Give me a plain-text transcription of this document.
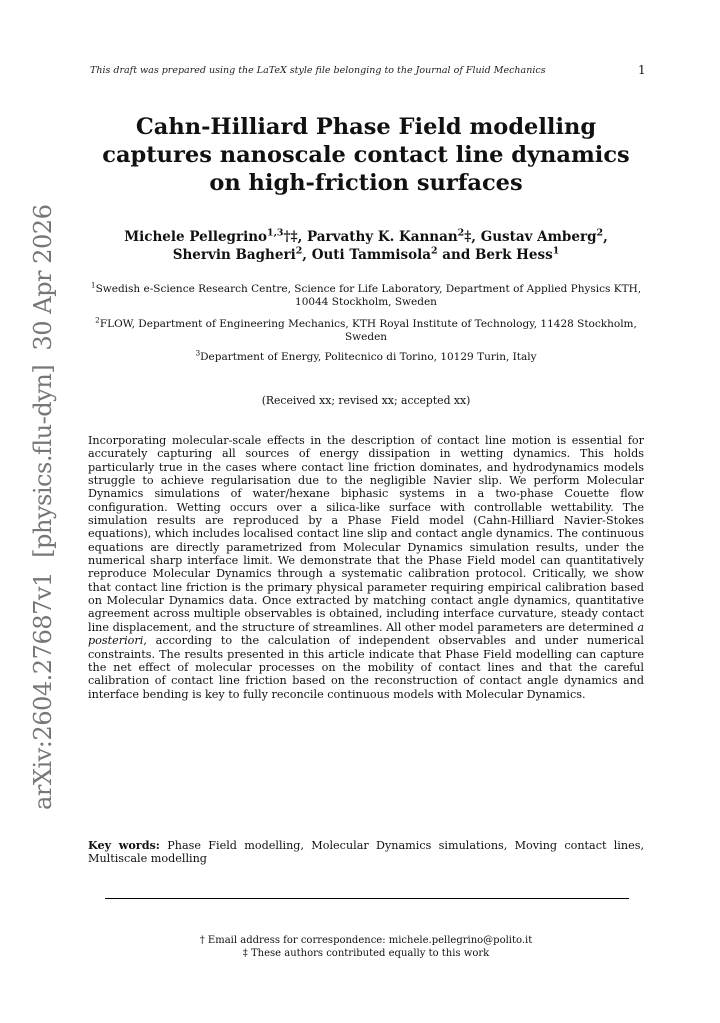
This draft was prepared using the LaTeX style file belonging to the Journal of Fluid Mechanics	1
arXiv:2604.27687v1  [physics.flu-dyn]  30 Apr 2026
Cahn-Hilliard Phase Field modelling captures nanoscale contact line dynamics on high-friction surfaces
Michele Pellegrino$^{1,3}$†‡, Parvathy K. Kannan$^2$‡, Gustav Amberg$^2$,
Shervin Bagheri$^2$, Outi Tammisola$^2$ and Berk Hess$^1$
$^1$Swedish e-Science Research Centre, Science for Life Laboratory, Department of Applied Physics KTH, 10044 Stockholm, Sweden
$^2$FLOW, Department of Engineering Mechanics, KTH Royal Institute of Technology, 11428 Stockholm, Sweden
$^3$Department of Energy, Politecnico di Torino, 10129 Turin, Italy
(Received xx; revised xx; accepted xx)
Incorporating molecular-scale effects in the description of contact line motion is essential for accurately capturing all sources of energy dissipation in wetting dynamics. This holds particularly true in the cases where contact line friction dominates, and hydrodynamics models struggle to achieve regularisation due to the negligible Navier slip. We perform Molecular Dynamics simulations of water/hexane biphasic systems in a two-phase Couette flow configuration. Wetting occurs over a silica-like surface with controllable wettability. The simulation results are reproduced by a Phase Field model (Cahn-Hilliard Navier-Stokes equations), which includes localised contact line slip and contact angle dynamics. The continuous equations are directly parametrized from Molecular Dynamics simulation results, under the numerical sharp interface limit. We demonstrate that the Phase Field model can quantitatively reproduce Molecular Dynamics through a systematic calibration protocol. Critically, we show that contact line friction is the primary physical parameter requiring empirical calibration based on Molecular Dynamics data. Once extracted by matching contact angle dynamics, quantitative agreement across multiple observables is obtained, including interface curvature, steady contact line displacement, and the structure of streamlines. All other model parameters are determined a posteriori, according to the calculation of independent observables and under numerical constraints. The results presented in this article indicate that Phase Field modelling can capture the net effect of molecular processes on the mobility of contact lines and that the careful calibration of contact line friction based on the reconstruction of contact angle dynamics and interface bending is key to fully reconcile continuous models with Molecular Dynamics.
Key words: Phase Field modelling, Molecular Dynamics simulations, Moving contact lines, Multiscale modelling
† Email address for correspondence: michele.pellegrino@polito.it
‡ These authors contributed equally to this work
